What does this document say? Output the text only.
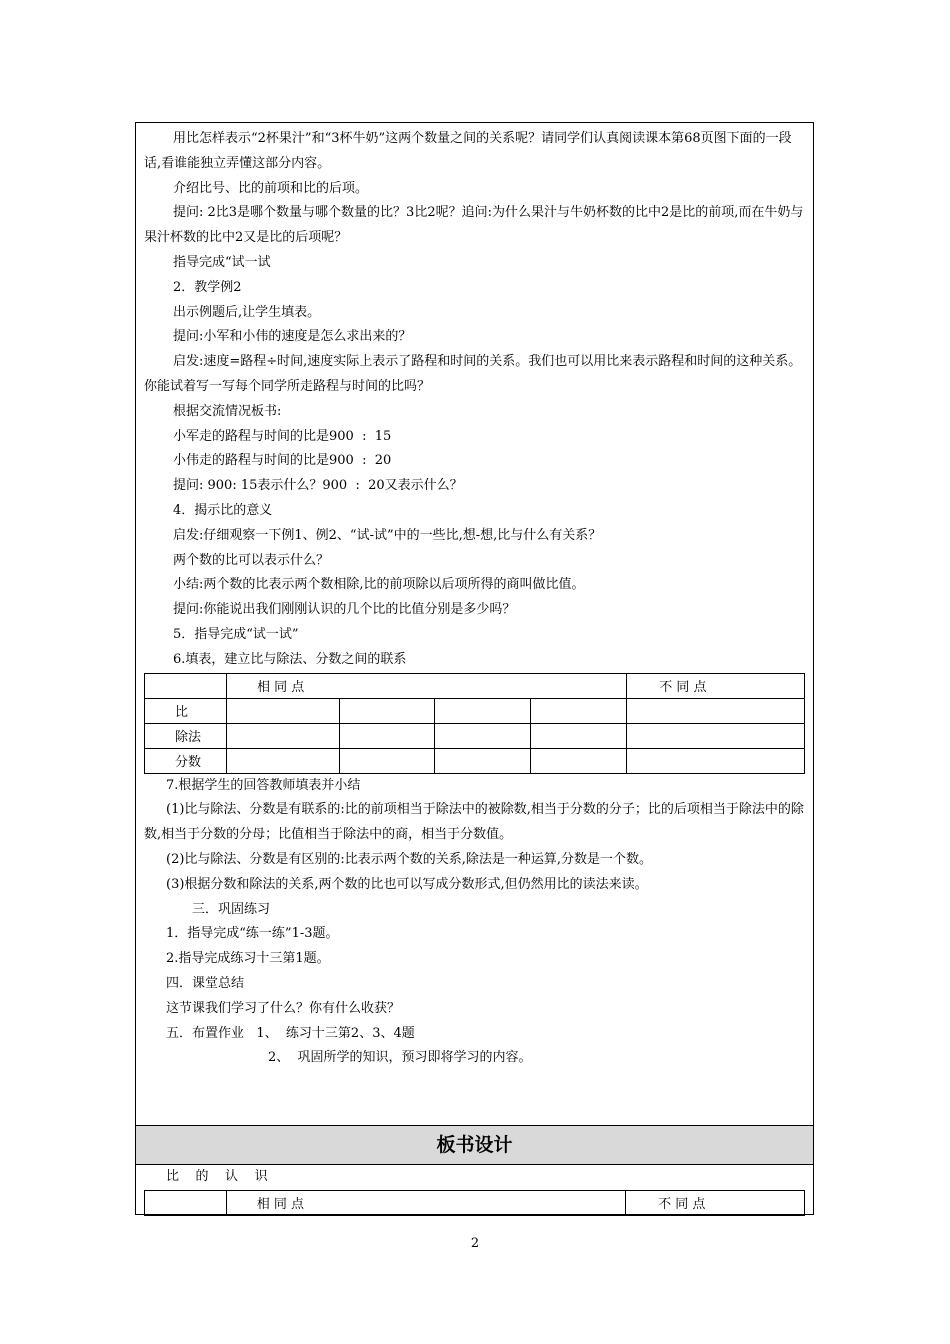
用比怎样表示“2杯果汁”和“3杯牛奶”这两个数量之间的关系呢？请同学们认真阅读课本第68页图下面的一段话,看谁能独立弄懂这部分内容。

介绍比号、比的前项和比的后项。

提问: 2比3是哪个数量与哪个数量的比？3比2呢？追问:为什么果汁与牛奶杯数的比中2是比的前项,而在牛奶与果汁杯数的比中2又是比的后项呢？

指导完成“试一试

2．教学例2

出示例题后,让学生填表。

提问:小军和小伟的速度是怎么求出来的？

启发:速度=路程÷时间,速度实际上表示了路程和时间的关系。我们也可以用比来表示路程和时间的这种关系。你能试着写一写每个同学所走路程与时间的比吗？

根据交流情况板书:

小军走的路程与时间的比是900  :  15

小伟走的路程与时间的比是900  :  20

提问: 900: 15表示什么？900  :  20又表示什么？

4．揭示比的意义

启发:仔细观察一下例1、例2、“试-试”中的一些比,想-想,比与什么有关系？

两个数的比可以表示什么？

小结:两个数的比表示两个数相除,比的前项除以后项所得的商叫做比值。

提问:你能说出我们刚刚认识的几个比的比值分别是多少吗？

5．指导完成“试一试”

6.填表，建立比与除法、分数之间的联系

	相 同 点				不 同 点
比					
除法					
分数					

7.根据学生的回答教师填表并小结

(1)比与除法、分数是有联系的:比的前项相当于除法中的被除数,相当于分数的分子；比的后项相当于除法中的除数,相当于分数的分母；比值相当于除法中的商，相当于分数值。

(2)比与除法、分数是有区别的:比表示两个数的关系,除法是一种运算,分数是一个数。

(3)根据分数和除法的关系,两个数的比也可以写成分数形式,但仍然用比的读法来读。

三．巩固练习

1．指导完成“练一练”1-3题。

2.指导完成练习十三第1题。

四．课堂总结

这节课我们学习了什么？你有什么收获？

五．布置作业   1、  练习十三第2、3、4题

2、  巩固所学的知识，预习即将学习的内容。

板书设计

比    的    认    识

	相 同 点	不 同 点
2
